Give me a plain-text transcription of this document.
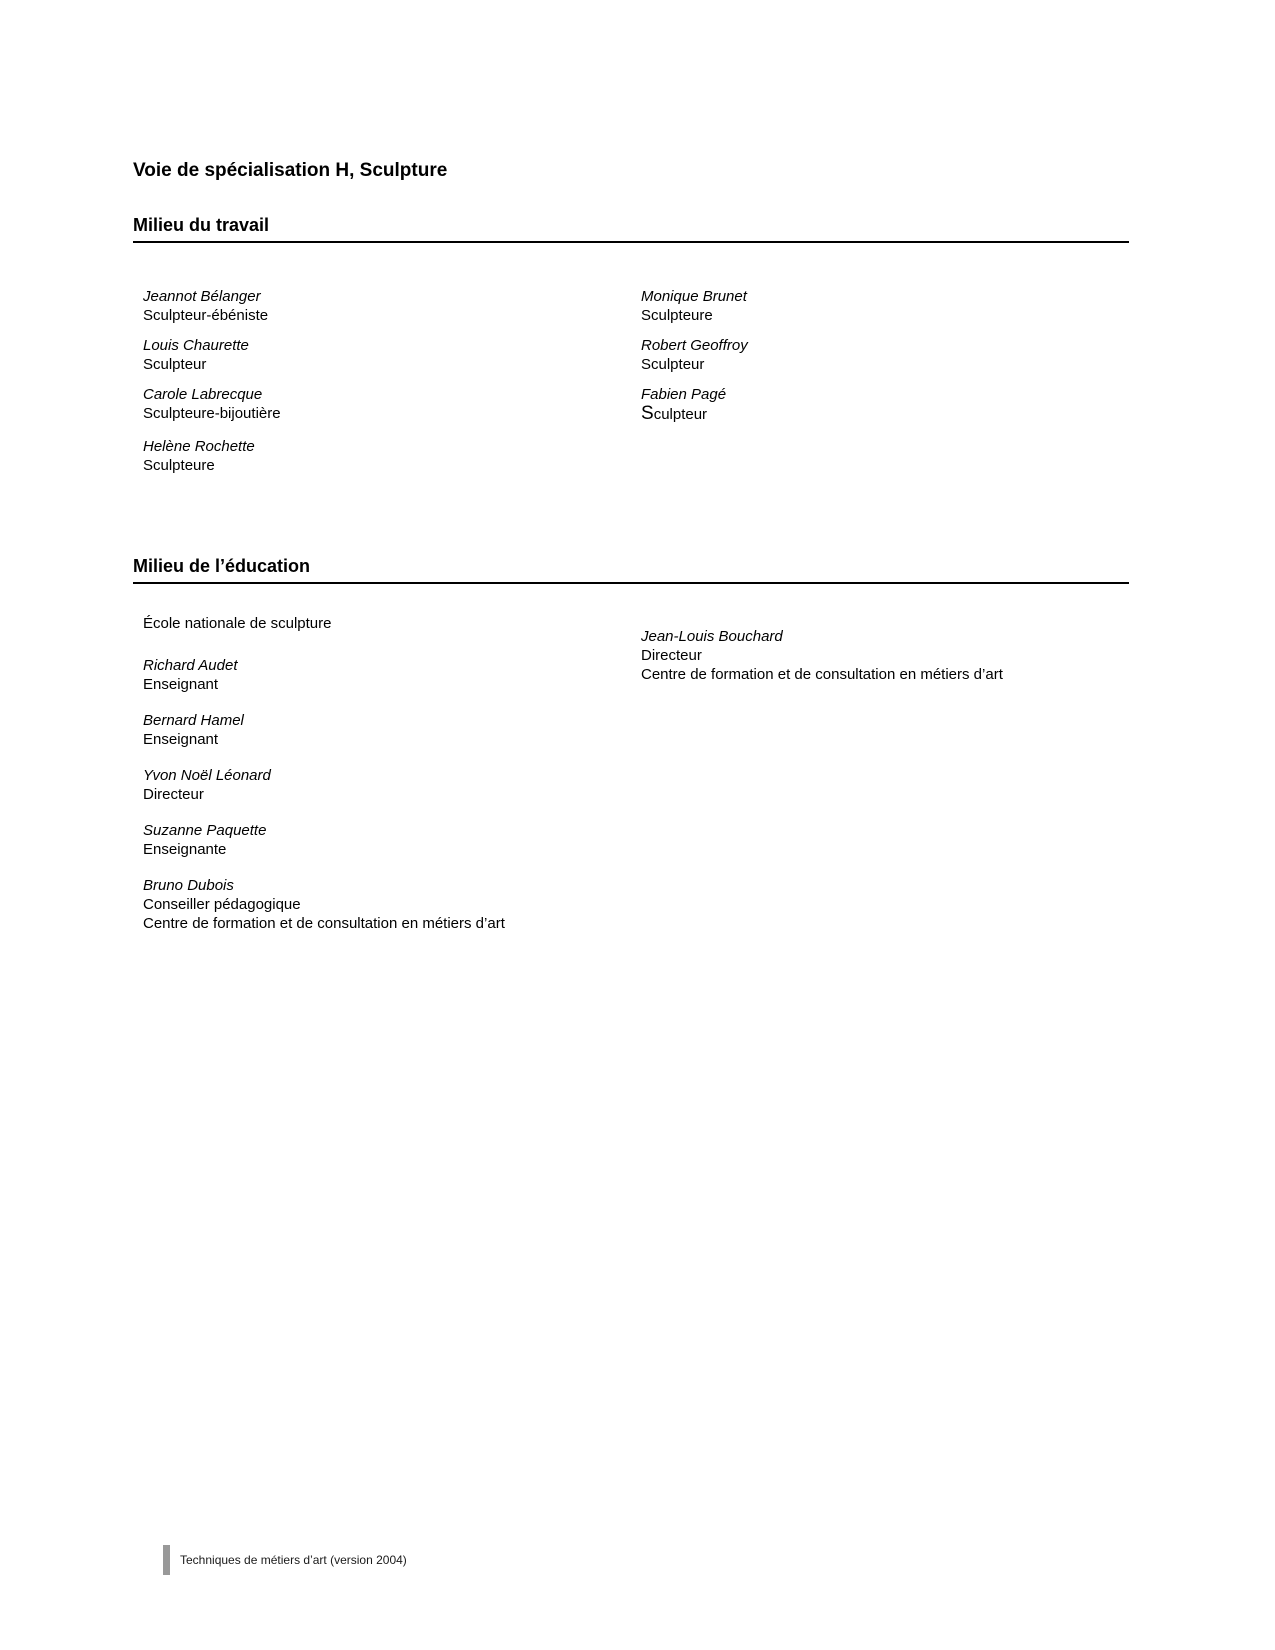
Voie de spécialisation H, Sculpture
Milieu du travail
Jeannot Bélanger
Sculpteur-ébéniste
Louis Chaurette
Sculpteur
Carole Labrecque
Sculpteure-bijoutière
Helène Rochette
Sculpteure
Monique Brunet
Sculpteure
Robert Geoffroy
Sculpteur
Fabien Pagé
Sculpteur
Milieu de l’éducation
École nationale de sculpture
Richard Audet
Enseignant
Bernard Hamel
Enseignant
Yvon Noël Léonard
Directeur
Suzanne Paquette
Enseignante
Bruno Dubois
Conseiller pédagogique
Centre de formation et de consultation en métiers d’art
Jean-Louis Bouchard
Directeur
Centre de formation et de consultation en métiers d’art
Techniques de métiers d’art (version 2004)
